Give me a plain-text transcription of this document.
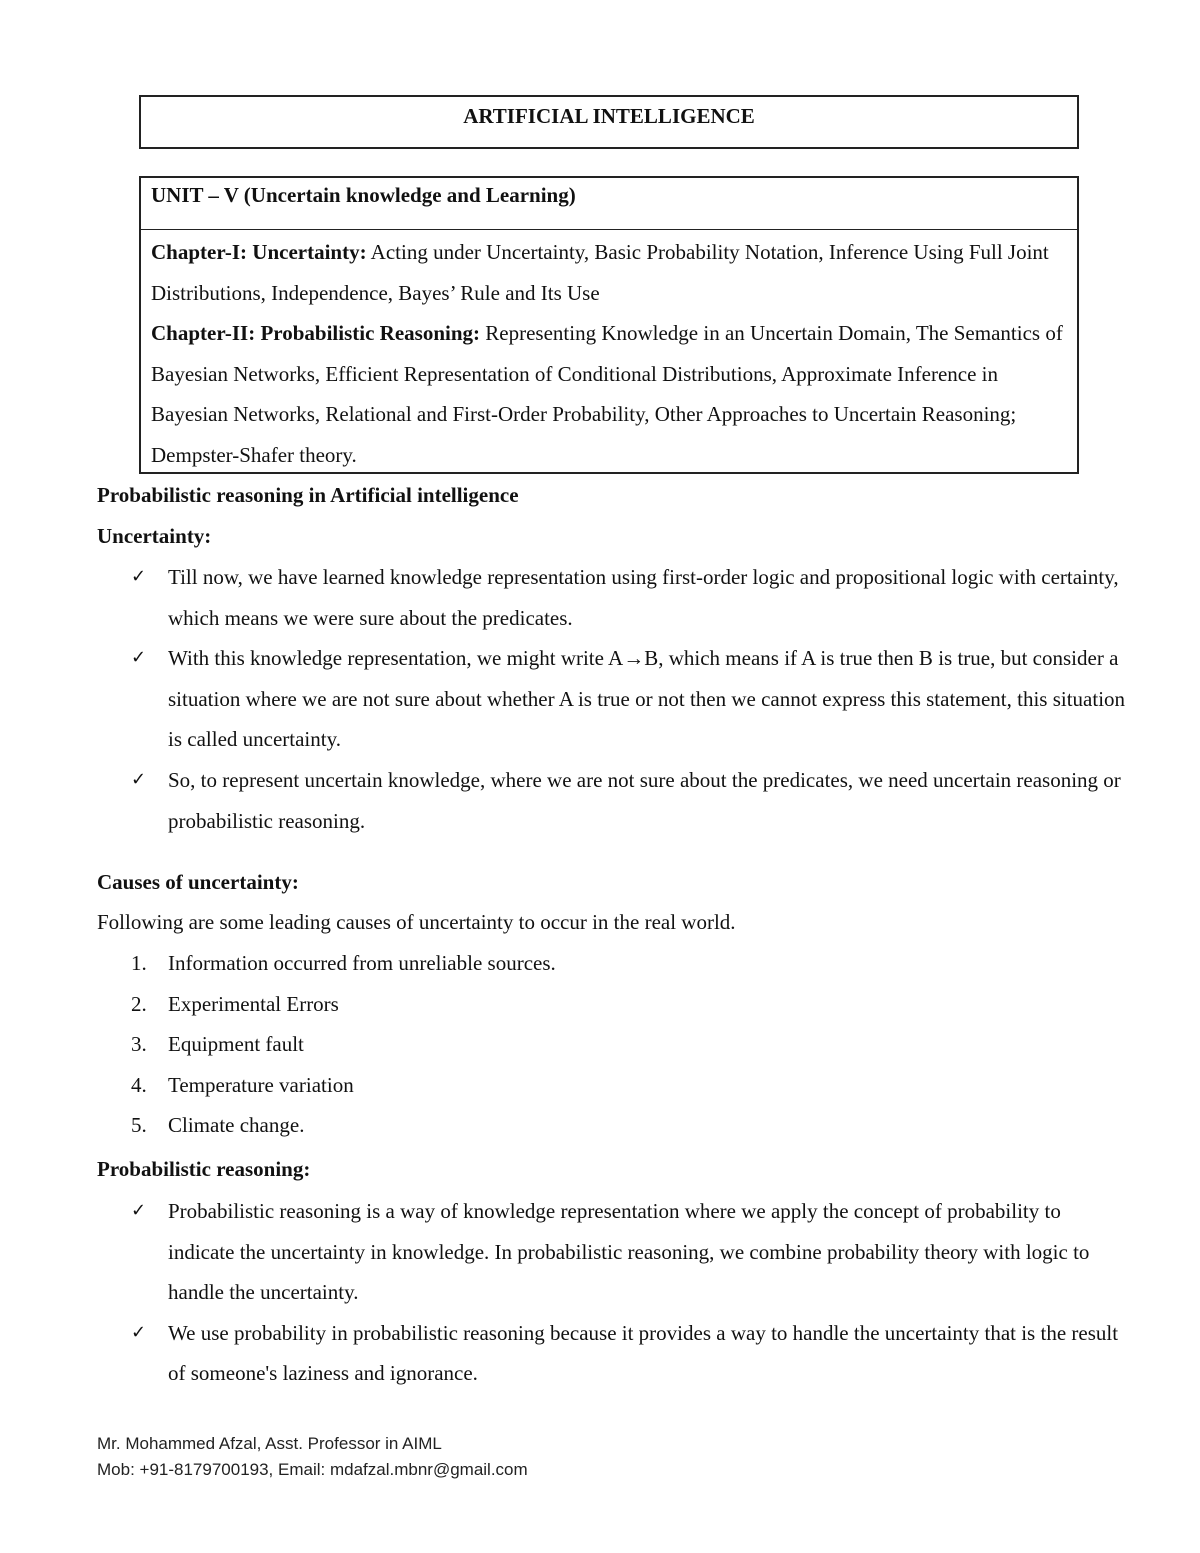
ARTIFICIAL INTELLIGENCE
UNIT – V (Uncertain knowledge and Learning)

Chapter-I: Uncertainty: Acting under Uncertainty, Basic Probability Notation, Inference Using Full Joint Distributions, Independence, Bayes’ Rule and Its Use

Chapter-II: Probabilistic Reasoning: Representing Knowledge in an Uncertain Domain, The Semantics of Bayesian Networks, Efficient Representation of Conditional Distributions, Approximate Inference in Bayesian Networks, Relational and First-Order Probability, Other Approaches to Uncertain Reasoning; Dempster-Shafer theory.

Probabilistic reasoning in Artificial intelligence
Uncertainty:

✓ Till now, we have learned knowledge representation using first-order logic and propositional logic with certainty, which means we were sure about the predicates.

✓ With this knowledge representation, we might write A→B, which means if A is true then B is true, but consider a situation where we are not sure about whether A is true or not then we cannot express this statement, this situation is called uncertainty.

✓ So, to represent uncertain knowledge, where we are not sure about the predicates, we need uncertain reasoning or probabilistic reasoning.

Causes of uncertainty:
Following are some leading causes of uncertainty to occur in the real world.
1. Information occurred from unreliable sources.
2. Experimental Errors
3. Equipment fault
4. Temperature variation
5. Climate change.
Probabilistic reasoning:

✓ Probabilistic reasoning is a way of knowledge representation where we apply the concept of probability to indicate the uncertainty in knowledge. In probabilistic reasoning, we combine probability theory with logic to handle the uncertainty.

✓ We use probability in probabilistic reasoning because it provides a way to handle the uncertainty that is the result of someone's laziness and ignorance.

Mr. Mohammed Afzal, Asst. Professor in AIML
Mob: +91-8179700193, Email: mdafzal.mbnr@gmail.com
